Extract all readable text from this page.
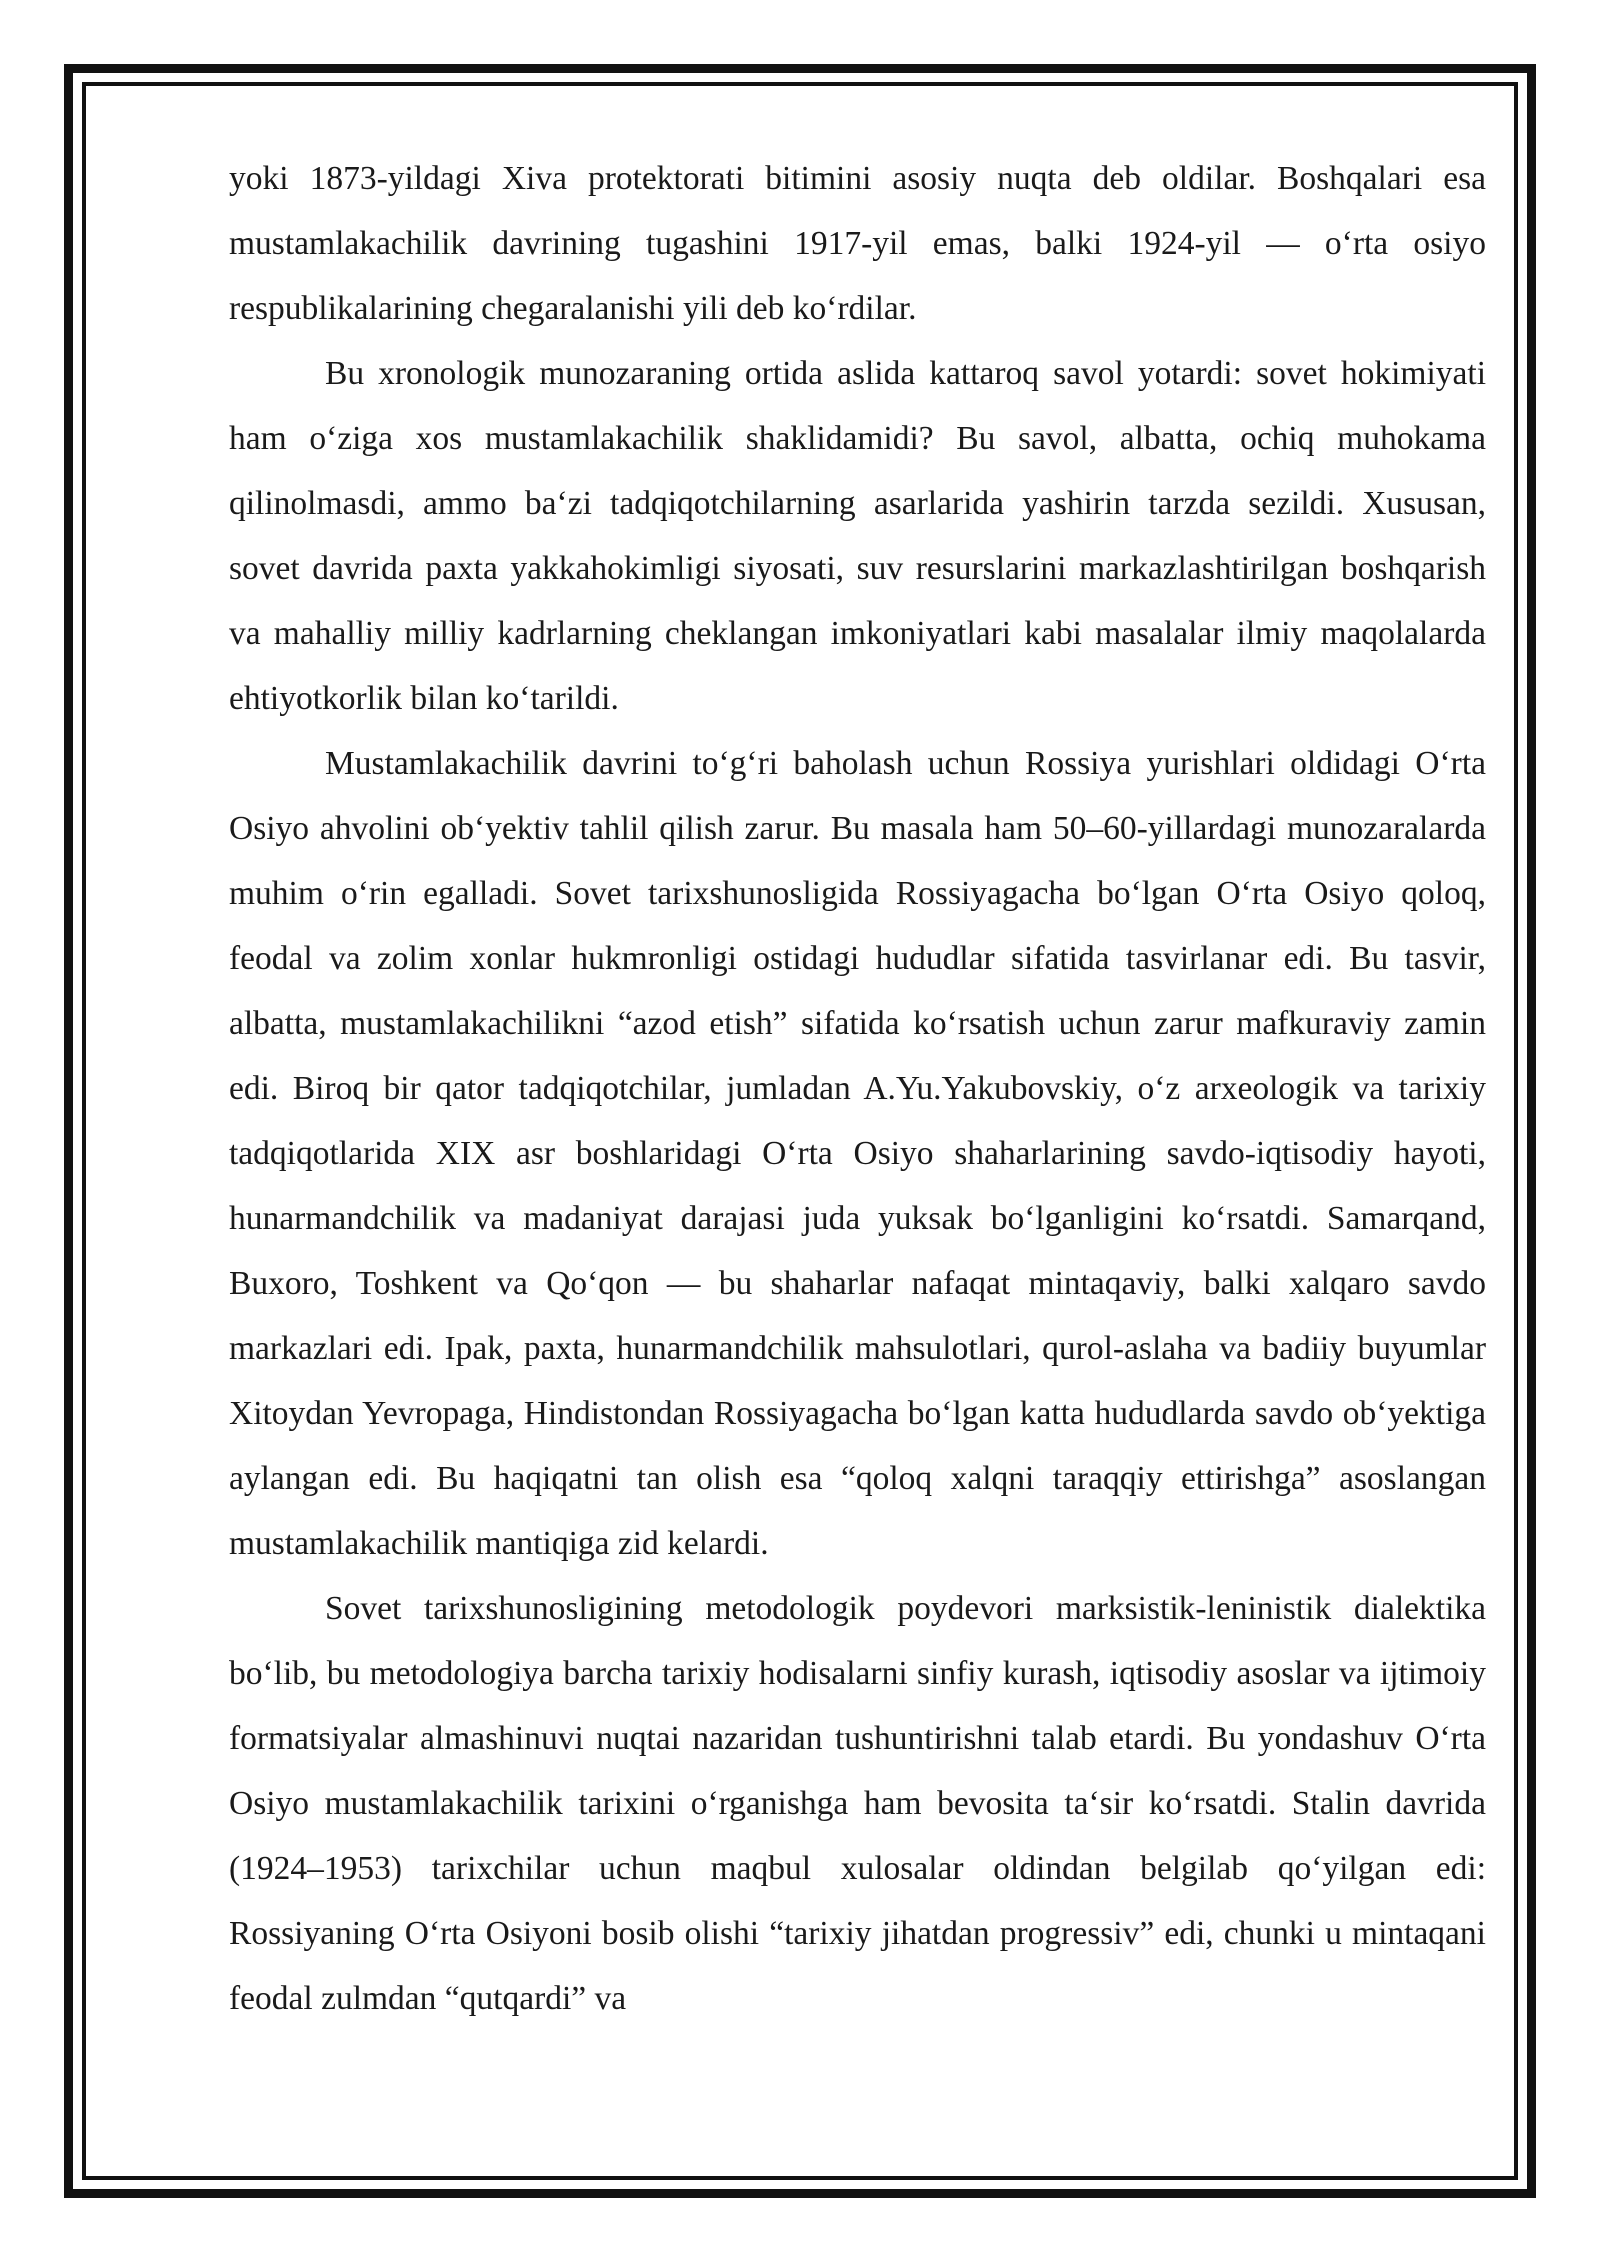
yoki 1873-yildagi Xiva protektorati bitimini asosiy nuqta deb oldilar. Boshqalari esa mustamlakachilik davrining tugashini 1917-yil emas, balki 1924-yil — o‘rta osiyo respublikalarining chegaralanishi yili deb ko‘rdilar.

Bu xronologik munozaraning ortida aslida kattaroq savol yotardi: sovet hokimiyati ham o‘ziga xos mustamlakachilik shaklidamidi? Bu savol, albatta, ochiq muhokama qilinolmasdi, ammo ba‘zi tadqiqotchilarning asarlarida yashirin tarzda sezildi. Xususan, sovet davrida paxta yakkahokimligi siyosati, suv resurslarini markazlashtirilgan boshqarish va mahalliy milliy kadrlarning cheklangan imkoniyatlari kabi masalalar ilmiy maqolalarda ehtiyotkorlik bilan ko‘tarildi.

Mustamlakachilik davrini to‘g‘ri baholash uchun Rossiya yurishlari oldidagi O‘rta Osiyo ahvolini ob‘yektiv tahlil qilish zarur. Bu masala ham 50–60-yillardagi munozaralarda muhim o‘rin egalladi. Sovet tarixshunosligida Rossiyagacha bo‘lgan O‘rta Osiyo qoloq, feodal va zolim xonlar hukmronligi ostidagi hududlar sifatida tasvirlanar edi. Bu tasvir, albatta, mustamlakachilikni “azod etish” sifatida ko‘rsatish uchun zarur mafkuraviy zamin edi. Biroq bir qator tadqiqotchilar, jumladan A.Yu.Yakubovskiy, o‘z arxeologik va tarixiy tadqiqotlarida XIX asr boshlaridagi O‘rta Osiyo shaharlarining savdo-iqtisodiy hayoti, hunarmandchilik va madaniyat darajasi juda yuksak bo‘lganligini ko‘rsatdi. Samarqand, Buxoro, Toshkent va Qo‘qon — bu shaharlar nafaqat mintaqaviy, balki xalqaro savdo markazlari edi. Ipak, paxta, hunarmandchilik mahsulotlari, qurol-aslaha va badiiy buyumlar Xitoydan Yevropaga, Hindistondan Rossiyagacha bo‘lgan katta hududlarda savdo ob‘yektiga aylangan edi. Bu haqiqatni tan olish esa “qoloq xalqni taraqqiy ettirishga” asoslangan mustamlakachilik mantiqiga zid kelardi.

Sovet tarixshunosligining metodologik poydevori marksistik-leninistik dialektika bo‘lib, bu metodologiya barcha tarixiy hodisalarni sinfiy kurash, iqtisodiy asoslar va ijtimoiy formatsiyalar almashinuvi nuqtai nazaridan tushuntirishni talab etardi. Bu yondashuv O‘rta Osiyo mustamlakachilik tarixini o‘rganishga ham bevosita ta‘sir ko‘rsatdi. Stalin davrida (1924–1953) tarixchilar uchun maqbul xulosalar oldindan belgilab qo‘yilgan edi: Rossiyaning O‘rta Osiyoni bosib olishi “tarixiy jihatdan progressiv” edi, chunki u mintaqani feodal zulmdan “qutqardi” va
